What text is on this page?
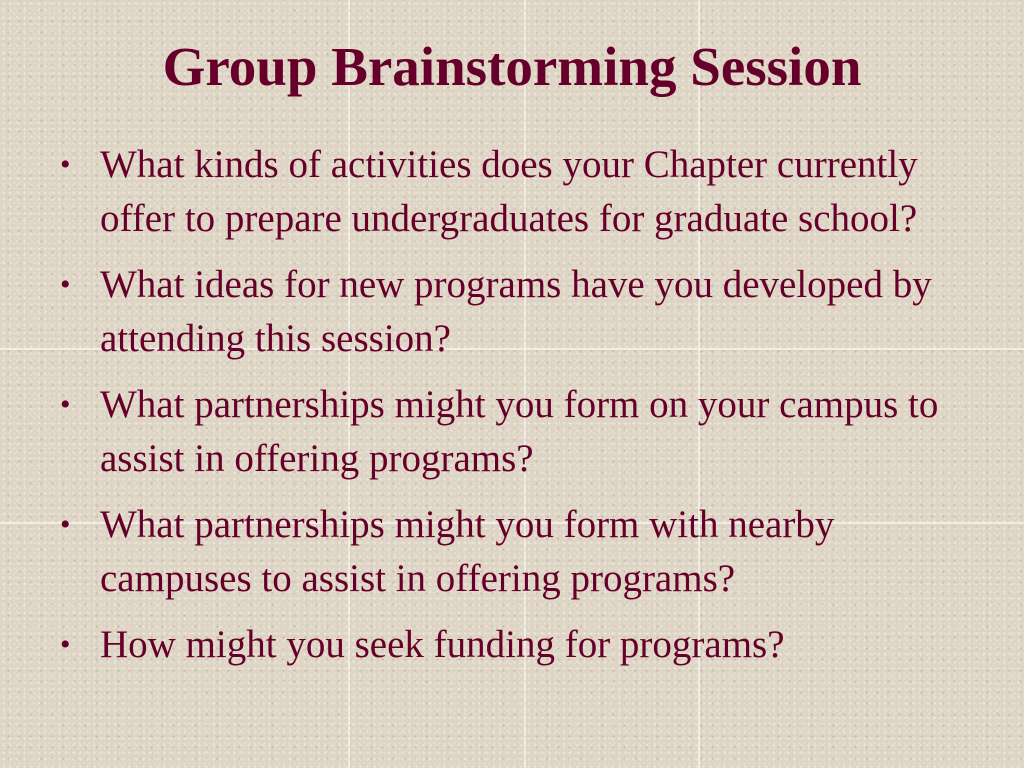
Group Brainstorming Session
• What kinds of activities does your Chapter currently offer to prepare undergraduates for graduate school?
• What ideas for new programs have you developed by attending this session?
• What partnerships might you form on your campus to assist in offering programs?
• What partnerships might you form with nearby campuses to assist in offering programs?
• How might you seek funding for programs?
